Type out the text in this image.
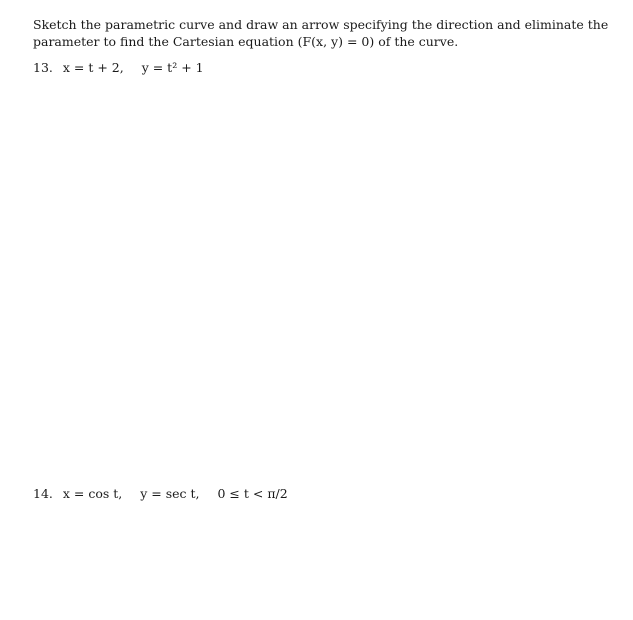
Sketch the parametric curve and draw an arrow specifying the direction and eliminate the parameter to find the Cartesian equation (F(x, y) = 0) of the curve.

13. x = t + 2, y = t² + 1

14. x = cos t, y = sec t, 0 ≤ t < π/2
